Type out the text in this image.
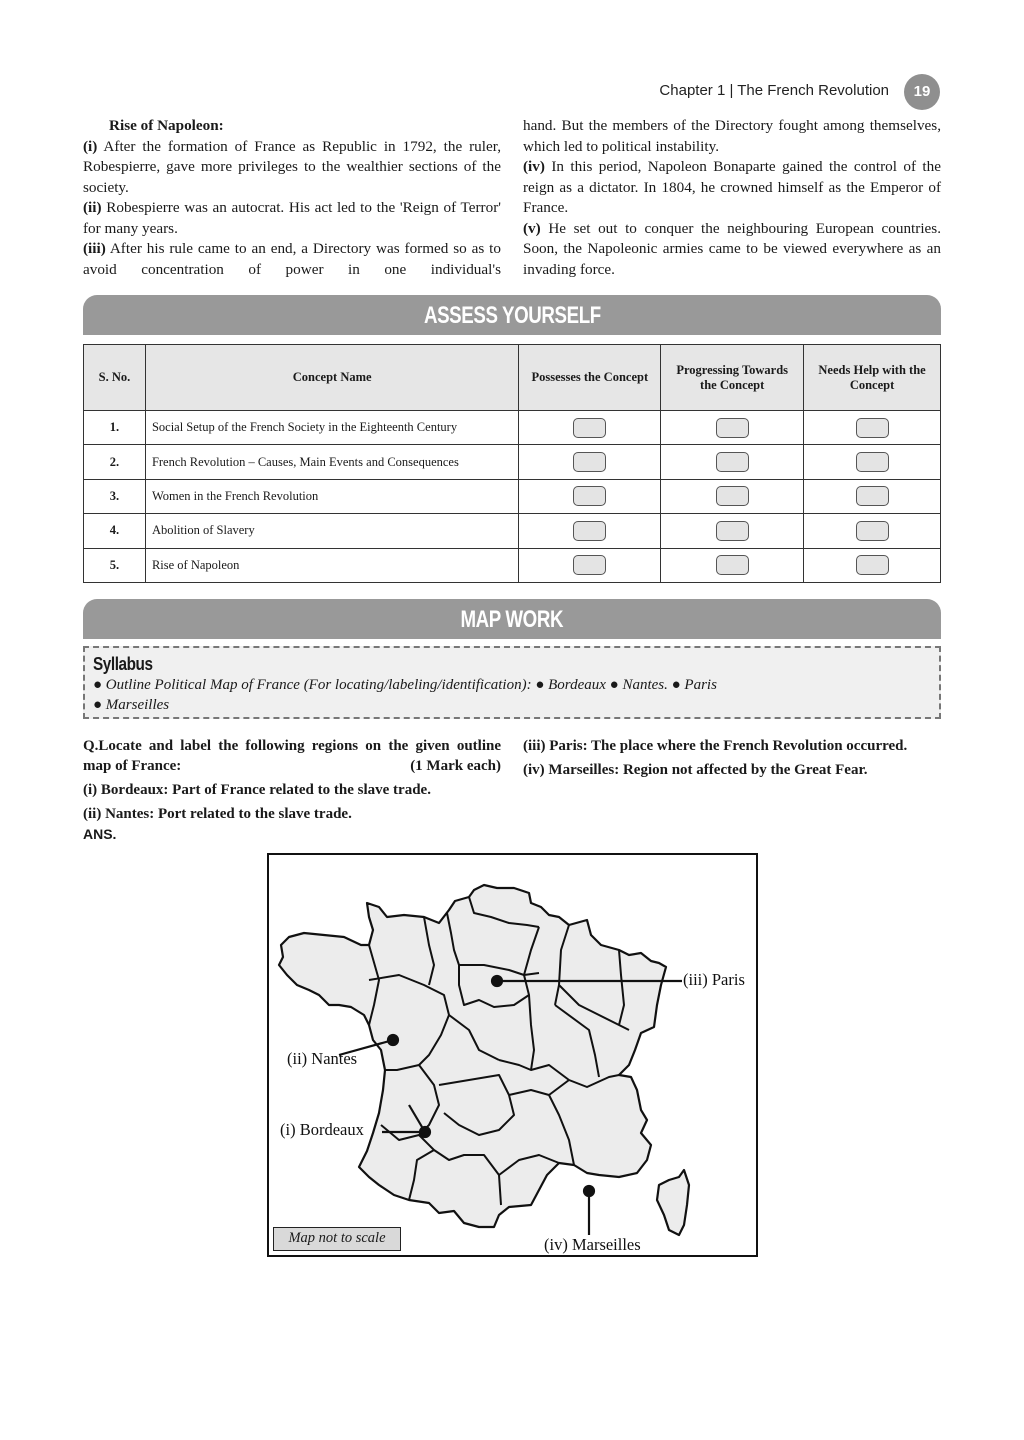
Chapter 1 | The French Revolution	19

Rise of Napoleon:

(i) After the formation of France as Republic in 1792, the ruler, Robespierre, gave more privileges to the wealthier sections of the society.

(ii) Robespierre was an autocrat. His act led to the 'Reign of Terror' for many years.

(iii) After his rule came to an end, a Directory was formed so as to avoid concentration of power in one individual's

hand. But the members of the Directory fought among themselves, which led to political instability.

(iv) In this period, Napoleon Bonaparte gained the control of the reign as a dictator. In 1804, he crowned himself as the Emperor of France.

(v) He set out to conquer the neighbouring European countries. Soon, the Napoleonic armies came to be viewed everywhere as an invading force.

ASSESS YOURSELF
S. No.	Concept Name	Possesses the Concept	Progressing Towards the Concept	Needs Help with the Concept
1.	Social Setup of the French Society in the Eighteenth Century			
2.	French Revolution – Causes, Main Events and Consequences			
3.	Women in the French Revolution			
4.	Abolition of Slavery			
5.	Rise of Napoleon			
MAP WORK
Syllabus
● Outline Political Map of France (For locating/labeling/identification): ● Bordeaux ● Nantes. ● Paris
● Marseilles

Q.Locate and label the following regions on the given outline map of France:	(1 Mark each)

(i) Bordeaux: Part of France related to the slave trade.

(ii) Nantes: Port related to the slave trade.

ANS.

(iii) Paris: The place where the French Revolution occurred.

(iv) Marseilles: Region not affected by the Great Fear.

(iii) Paris
(ii) Nantes
(i) Bordeaux
(iv) Marseilles
Map not to scale
